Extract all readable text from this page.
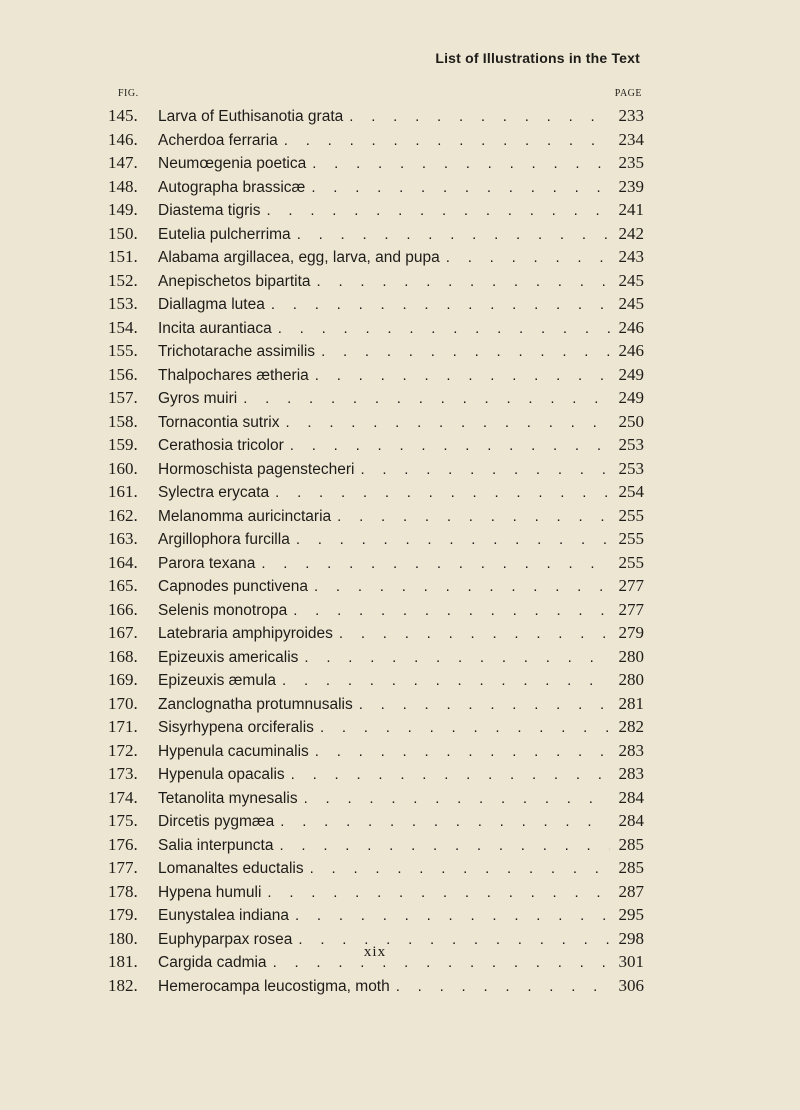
List of Illustrations in the Text
FIG.	PAGE
145.	Larva of Euthisanotia grata . . .	233
146.	Acherdoa ferraria . . .	234
147.	Neumœgenia poetica . . .	235
148.	Autographa brassicæ . . .	239
149.	Diastema tigris . . .	241
150.	Eutelia pulcherrima . . .	242
151.	Alabama argillacea, egg, larva, and pupa . . .	243
152.	Anepischetos bipartita . . .	245
153.	Diallagma lutea . . .	245
154.	Incita aurantiaca . . .	246
155.	Trichotarache assimilis . . .	246
156.	Thalpochares ætheria . . .	249
157.	Gyros muiri . . .	249
158.	Tornacontia sutrix . . .	250
159.	Cerathosia tricolor . . .	253
160.	Hormoschista pagenstecheri . . .	253
161.	Sylectra erycata . . .	254
162.	Melanomma auricinctaria . . .	255
163.	Argillophora furcilla . . .	255
164.	Parora texana . . .	255
165.	Capnodes punctivena . . .	277
166.	Selenis monotropa . . .	277
167.	Latebraria amphipyroides . . .	279
168.	Epizeuxis americalis . . .	280
169.	Epizeuxis æmula . . .	280
170.	Zanclognatha protumnusalis . . .	281
171.	Sisyrhypena orciferalis . . .	282
172.	Hypenula cacuminalis . . .	283
173.	Hypenula opacalis . . .	283
174.	Tetanolita mynesalis . . .	284
175.	Dircetis pygmæa . . .	284
176.	Salia interpuncta . . .	285
177.	Lomanaltes eductalis . . .	285
178.	Hypena humuli . . .	287
179.	Eunystalea indiana . . .	295
180.	Euphyparpax rosea . . .	298
181.	Cargida cadmia . . .	301
182.	Hemerocampa leucostigma, moth . . .	306
xix
